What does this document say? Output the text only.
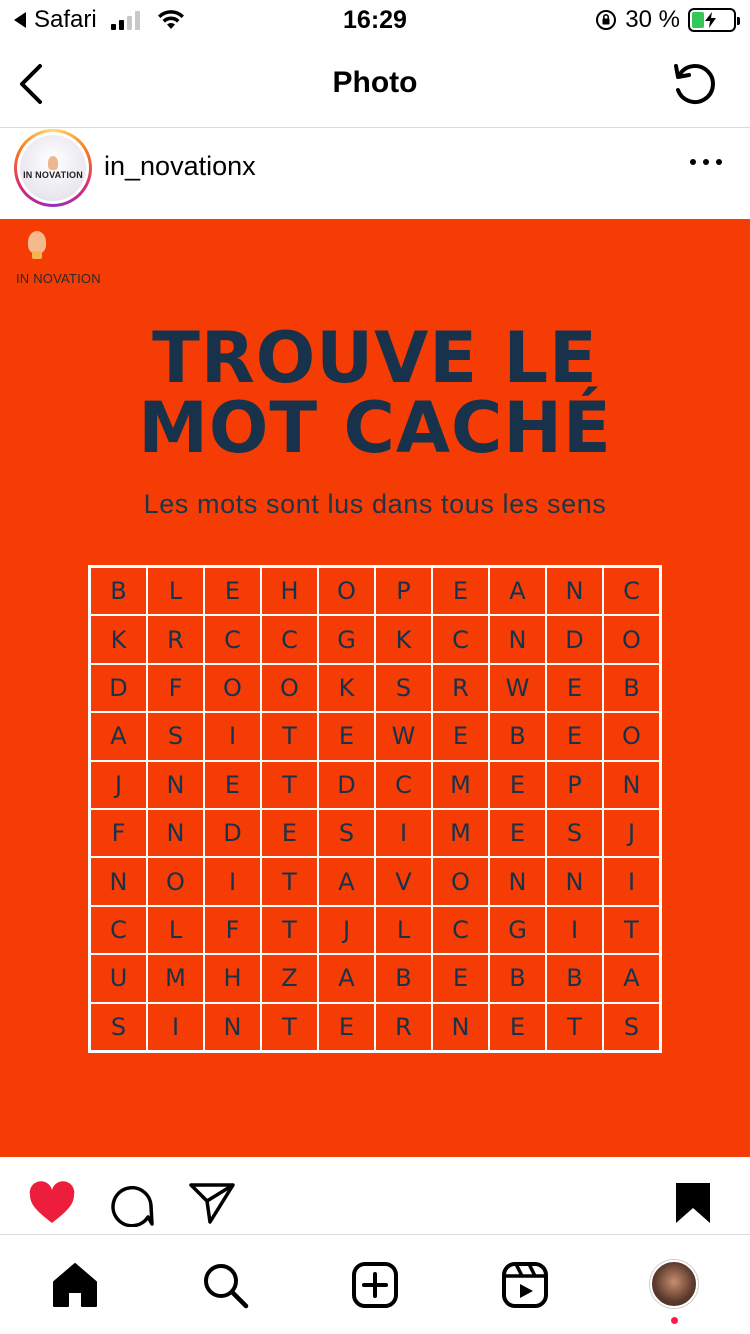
Safari	16:29	30 %
Photo
IN NOVATION in_novationx
IN NOVATION
TROUVE LE
MOT CACHÉ
Les mots sont lus dans tous les sens
B	L	E	H	O	P	E	A	N	C
K	R	C	C	G	K	C	N	D	O
D	F	O	O	K	S	R	W	E	B
A	S	I	T	E	W	E	B	E	O
J	N	E	T	D	C	M	E	P	N
F	N	D	E	S	I	M	E	S	J
N	O	I	T	A	V	O	N	N	I
C	L	F	T	J	L	C	G	I	T
U	M	H	Z	A	B	E	B	B	A
S	I	N	T	E	R	N	E	T	S
